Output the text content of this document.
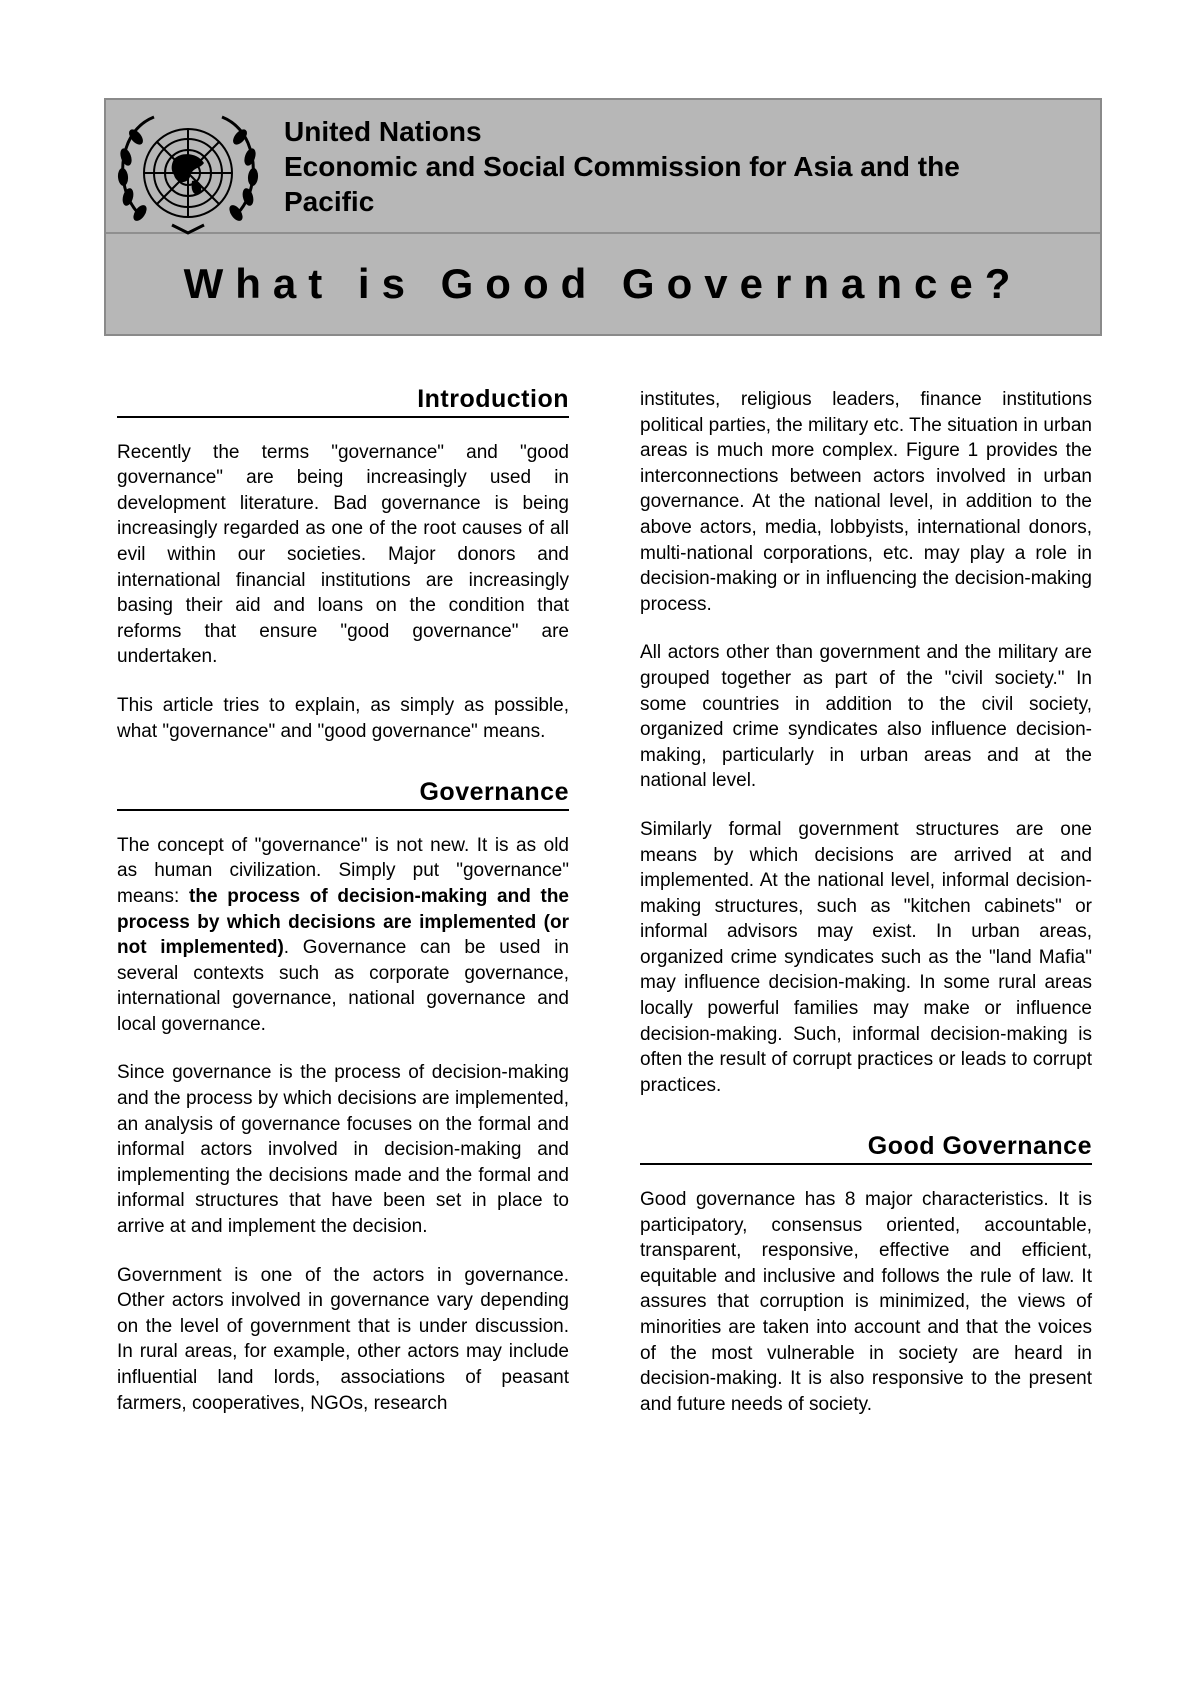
United Nations
Economic and Social Commission for Asia and the
Pacific
What is Good Governance?
Introduction

Recently the terms "governance" and "good governance" are being increasingly used in development literature. Bad governance is being increasingly regarded as one of the root causes of all evil within our societies. Major donors and international financial institutions are increasingly basing their aid and loans on the condition that reforms that ensure "good governance" are undertaken.

This article tries to explain, as simply as possible, what "governance" and "good governance" means.

Governance

The concept of "governance" is not new. It is as old as human civilization. Simply put "governance" means: the process of decision-making and the process by which decisions are implemented (or not implemented). Governance can be used in several contexts such as corporate governance, international governance, national governance and local governance.

Since governance is the process of decision-making and the process by which decisions are implemented, an analysis of governance focuses on the formal and informal actors involved in decision-making and implementing the decisions made and the formal and informal structures that have been set in place to arrive at and implement the decision.

Government is one of the actors in governance. Other actors involved in governance vary depending on the level of government that is under discussion. In rural areas, for example, other actors may include influential land lords, associations of peasant farmers, cooperatives, NGOs, research

institutes, religious leaders, finance institutions political parties, the military etc. The situation in urban areas is much more complex. Figure 1 provides the interconnections between actors involved in urban governance. At the national level, in addition to the above actors, media, lobbyists, international donors, multi-national corporations, etc. may play a role in decision-making or in influencing the decision-making process.

All actors other than government and the military are grouped together as part of the "civil society." In some countries in addition to the civil society, organized crime syndicates also influence decision-making, particularly in urban areas and at the national level.

Similarly formal government structures are one means by which decisions are arrived at and implemented. At the national level, informal decision-making structures, such as "kitchen cabinets" or informal advisors may exist. In urban areas, organized crime syndicates such as the "land Mafia" may influence decision-making. In some rural areas locally powerful families may make or influence decision-making. Such, informal decision-making is often the result of corrupt practices or leads to corrupt practices.

Good Governance

Good governance has 8 major characteristics. It is participatory, consensus oriented, accountable, transparent, responsive, effective and efficient, equitable and inclusive and follows the rule of law. It assures that corruption is minimized, the views of minorities are taken into account and that the voices of the most vulnerable in society are heard in decision-making. It is also responsive to the present and future needs of society.
